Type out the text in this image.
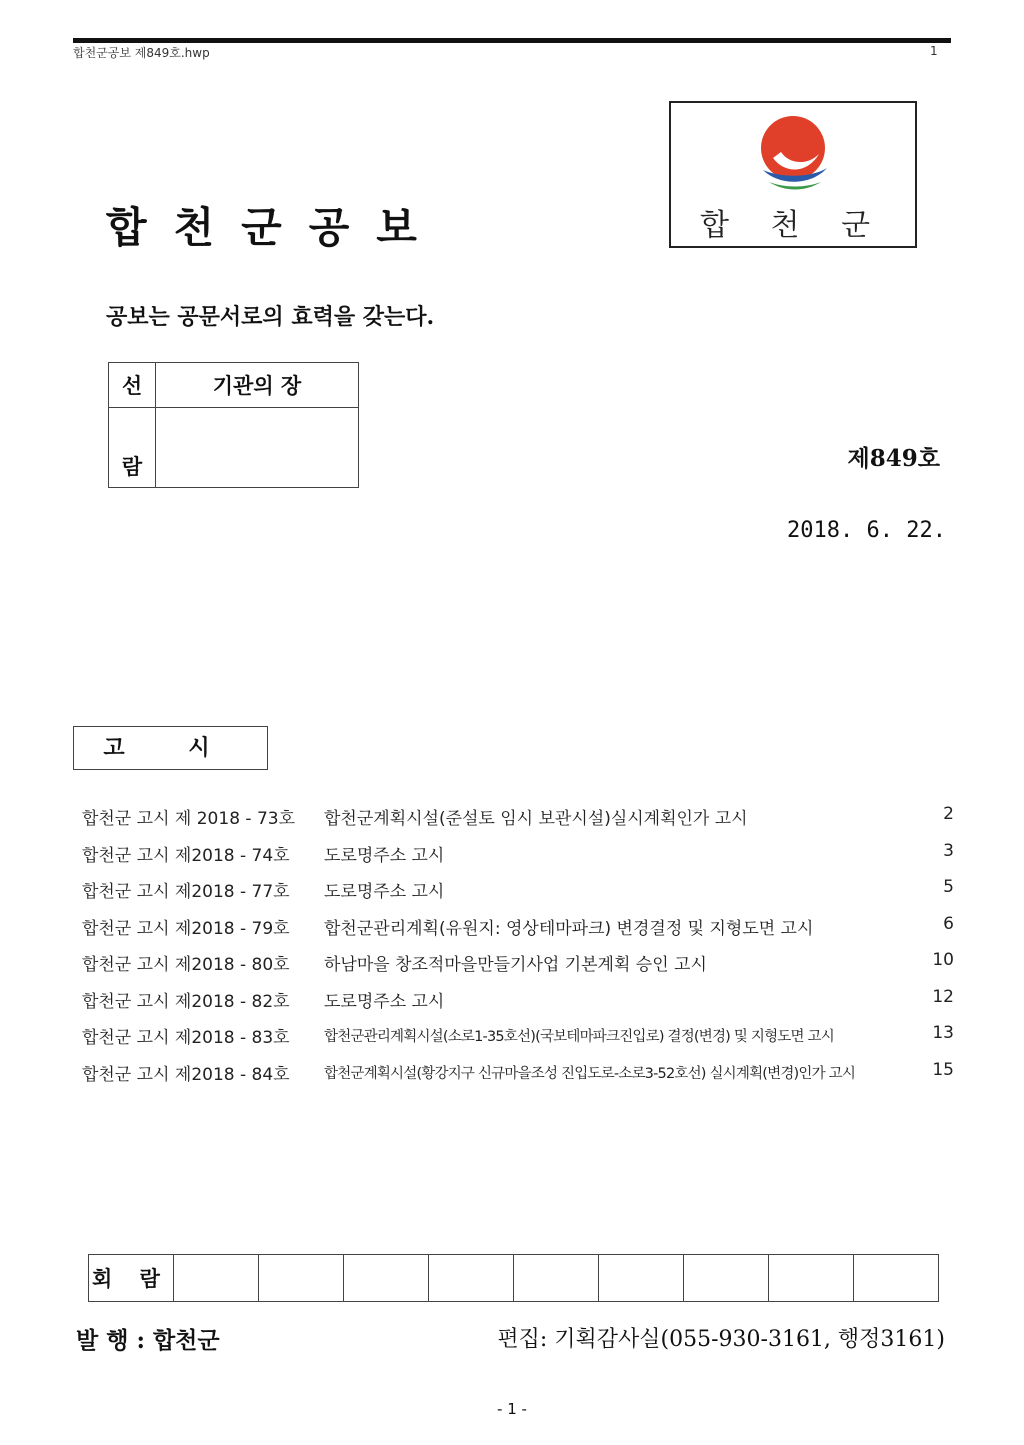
합천군공보 제849호.hwp	1
합천군공보	합 천 군
공보는 공문서로의 효력을 갖는다.
선	기관의 장
람		제849호
2018. 6. 22.
고 시
합천군 고시 제 2018 - 73호 합천군계획시설(준설토 임시 보관시설)실시계획인가 고시	2
합천군 고시 제2018 - 74호 도로명주소 고시	3
합천군 고시 제2018 - 77호 도로명주소 고시	5
합천군 고시 제2018 - 79호 합천군관리계획(유원지: 영상테마파크) 변경결정 및 지형도면 고시	6
합천군 고시 제2018 - 80호 하남마을 창조적마을만들기사업 기본계획 승인 고시	10
합천군 고시 제2018 - 82호 도로명주소 고시	12
합천군 고시 제2018 - 83호 합천군관리계획시설(소로1-35호선)(국보테마파크진입로) 결정(변경) 및 지형도면 고시	13
합천군 고시 제2018 - 84호 합천군계획시설(황강지구 신규마을조성 진입도로-소로3-52호선) 실시계획(변경)인가 고시	15
회 람									
발 행 : 합천군	편집: 기획감사실(055-930-3161, 행정3161)
- 1 -
